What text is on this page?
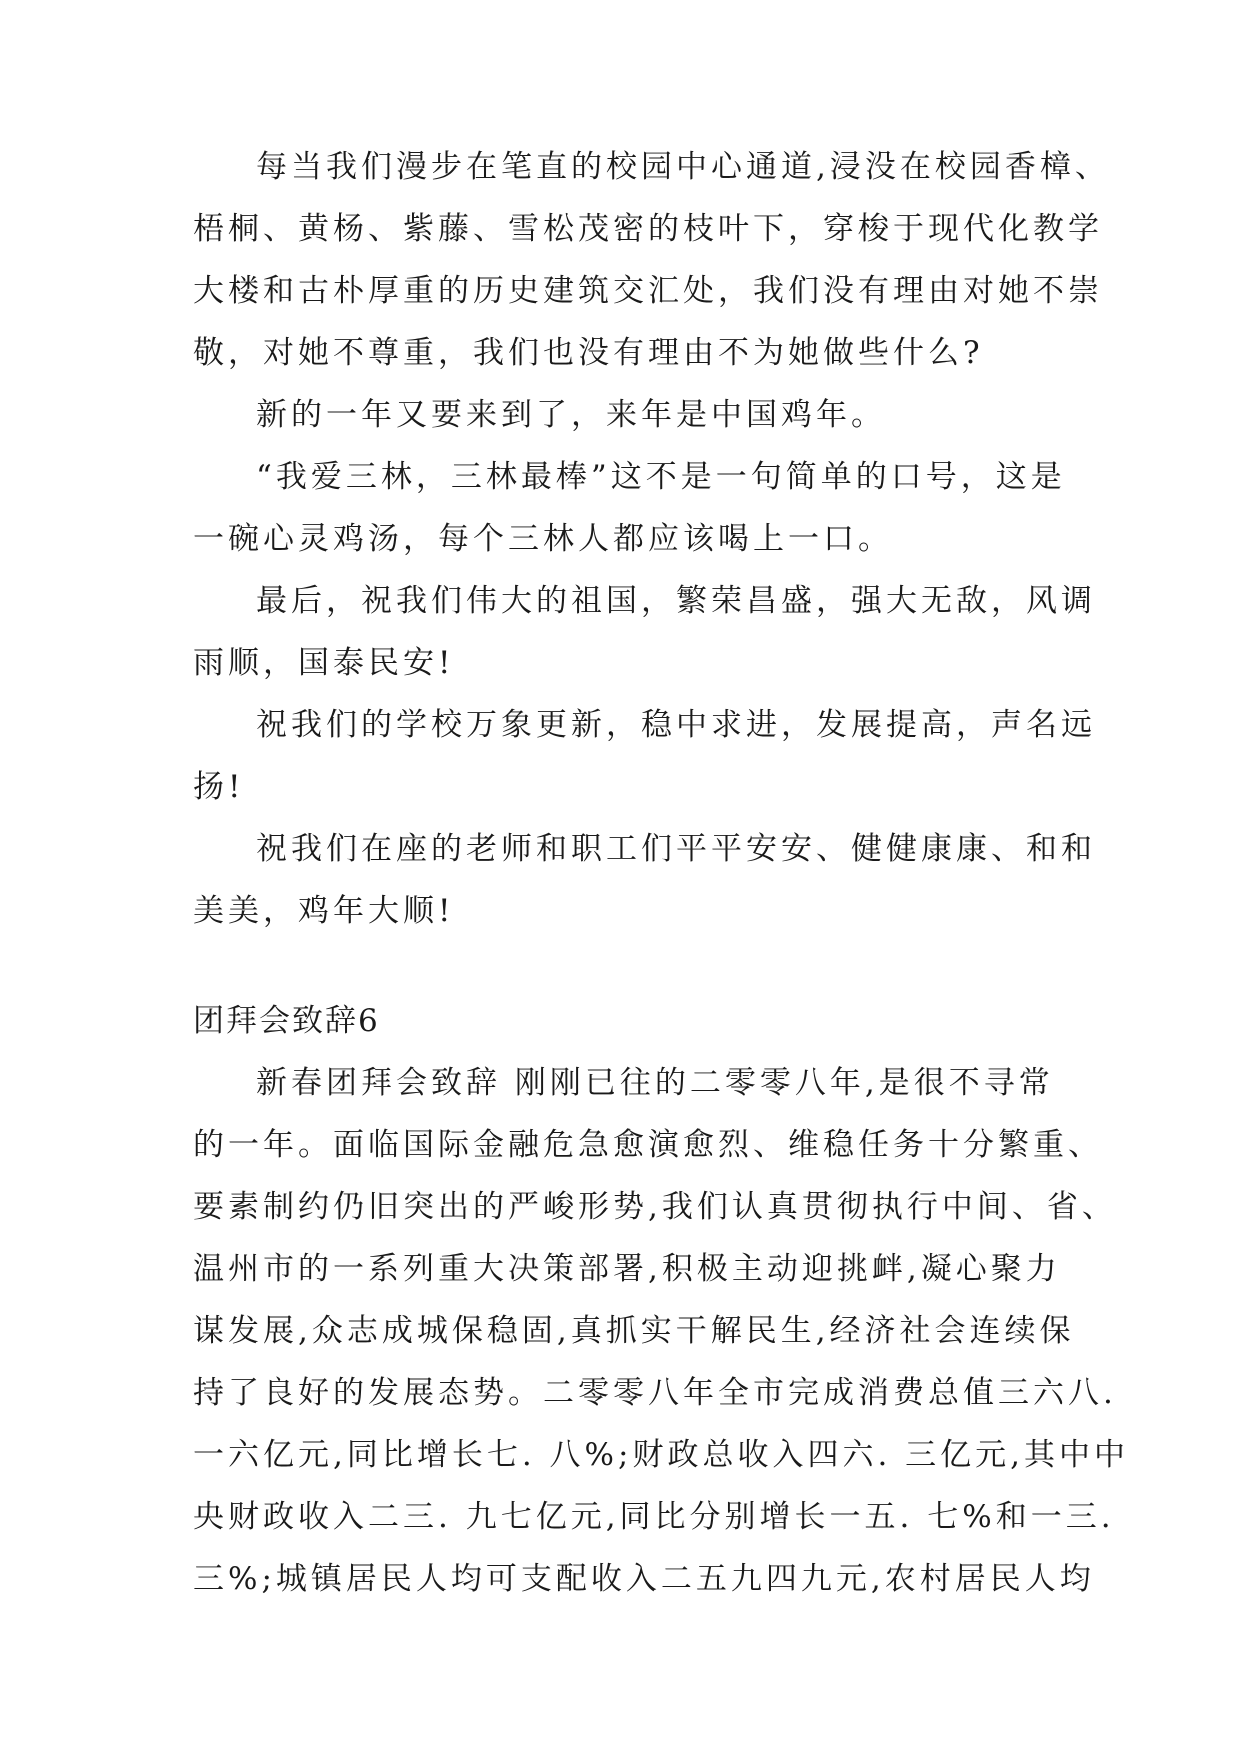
每当我们漫步在笔直的校园中心通道,浸没在校园香樟、
梧桐、黄杨、紫藤、雪松茂密的枝叶下，穿梭于现代化教学
大楼和古朴厚重的历史建筑交汇处，我们没有理由对她不崇
敬，对她不尊重，我们也没有理由不为她做些什么?
新的一年又要来到了，来年是中国鸡年。
“我爱三林，三林最棒”这不是一句简单的口号，这是
一碗心灵鸡汤，每个三林人都应该喝上一口。
最后，祝我们伟大的祖国，繁荣昌盛，强大无敌，风调
雨顺，国泰民安!
祝我们的学校万象更新，稳中求进，发展提高，声名远
扬!
祝我们在座的老师和职工们平平安安、健健康康、和和
美美，鸡年大顺!
团拜会致辞6
新春团拜会致辞 刚刚已往的二零零八年,是很不寻常
的一年。面临国际金融危急愈演愈烈、维稳任务十分繁重、
要素制约仍旧突出的严峻形势,我们认真贯彻执行中间、省、
温州市的一系列重大决策部署,积极主动迎挑衅,凝心聚力
谋发展,众志成城保稳固,真抓实干解民生,经济社会连续保
持了良好的发展态势。二零零八年全市完成消费总值三六八.
一六亿元,同比增长七. 八%;财政总收入四六. 三亿元,其中中
央财政收入二三. 九七亿元,同比分别增长一五. 七%和一三.
三%;城镇居民人均可支配收入二五九四九元,农村居民人均
